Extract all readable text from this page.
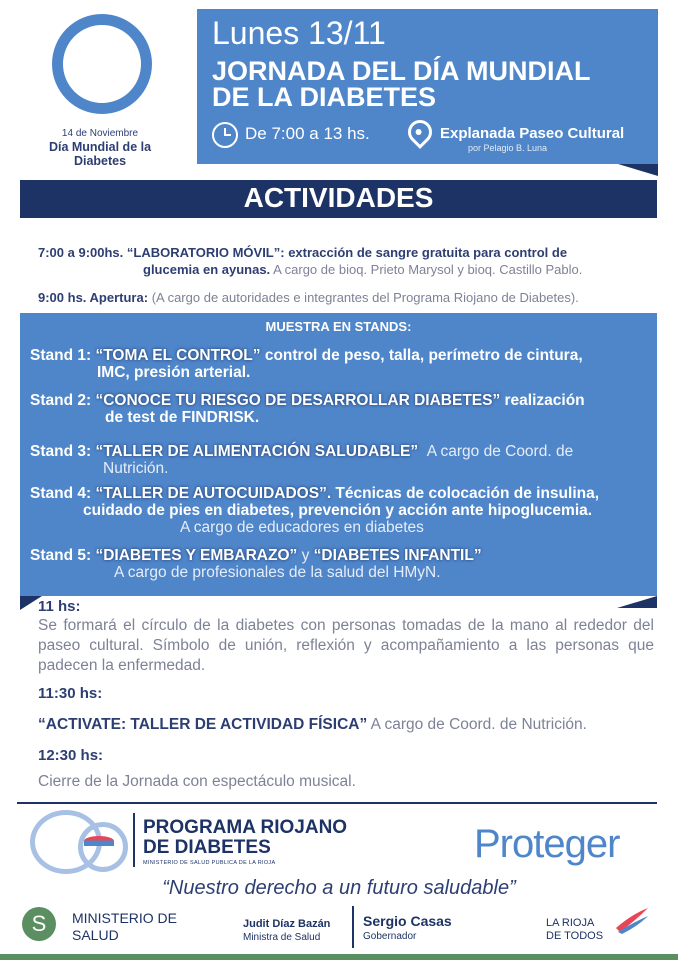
14 de Noviembre
Día Mundial de la
Diabetes
Lunes 13/11
JORNADA DEL DÍA MUNDIAL
DE LA DIABETES
De 7:00 a 13 hs.	Explanada Paseo Cultural
por Pelagio B. Luna
ACTIVIDADES
7:00 a 9:00hs. “LABORATORIO MÓVIL”: extracción de sangre gratuita para control de
glucemia en ayunas. A cargo de bioq. Prieto Marysol y bioq. Castillo Pablo.
9:00 hs. Apertura: (A cargo de autoridades e integrantes del Programa Riojano de Diabetes).
MUESTRA EN STANDS:
Stand 1: “TOMA EL CONTROL” control de peso, talla, perímetro de cintura,
IMC, presión arterial.
Stand 2: “CONOCE TU RIESGO DE DESARROLLAR DIABETES” realización
de test de FINDRISK.
Stand 3: “TALLER DE ALIMENTACIÓN SALUDABLE” A cargo de Coord. de
Nutrición.
Stand 4: “TALLER DE AUTOCUIDADOS”. Técnicas de colocación de insulina,
cuidado de pies en diabetes, prevención y acción ante hipoglucemia.
A cargo de educadores en diabetes
Stand 5: “DIABETES Y EMBARAZO” y “DIABETES INFANTIL”
A cargo de profesionales de la salud del HMyN.
11 hs:
Se formará el círculo de la diabetes con personas tomadas de la mano al rededor del paseo cultural. Símbolo de unión, reflexión y acompañamiento a las personas que padecen la enfermedad.
11:30 hs:
“ACTIVATE: TALLER DE ACTIVIDAD FÍSICA” A cargo de Coord. de Nutrición.
12:30 hs:
Cierre de la Jornada con espectáculo musical.
PROGRAMA RIOJANO
DE DIABETES
MINISTERIO DE SALUD PUBLICA DE LA RIOJA	Proteger
“Nuestro derecho a un futuro saludable”
S	MINISTERIO DE
SALUD
Judit Díaz Bazán
Ministra de Salud
Sergio Casas
Gobernador
LA RIOJA
DE TODOS
